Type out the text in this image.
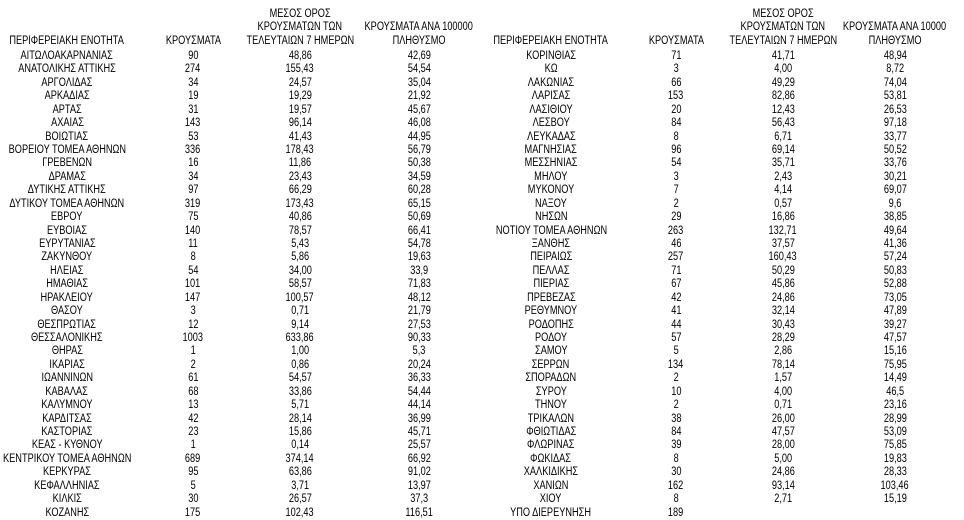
ΠΕΡΙΦΕΡΕΙΑΚΗ ΕΝΟΤΗΤΑ	ΚΡΟΥΣΜΑΤΑ
ΜΕΣΟΣ ΟΡΟΣ
ΚΡΟΥΣΜΑΤΩΝ ΤΩΝ
ΤΕΛΕΥΤΑΙΩΝ 7 ΗΜΕΡΩΝ
ΚΡΟΥΣΜΑΤΑ ΑΝΑ 100000
ΠΛΗΘΥΣΜΟ
ΑΙΤΩΛΟΑΚΑΡΝΑΝΙΑΣ	90	48,86	42,69
ΑΝΑΤΟΛΙΚΗΣ ΑΤΤΙΚΗΣ	274	155,43	54,54
ΑΡΓΟΛΙΔΑΣ	34	24,57	35,04
ΑΡΚΑΔΙΑΣ	19	19,29	21,92
ΑΡΤΑΣ	31	19,57	45,67
ΑΧΑΪΑΣ	143	96,14	46,08
ΒΟΙΩΤΙΑΣ	53	41,43	44,95
ΒΟΡΕΙΟΥ ΤΟΜΕΑ ΑΘΗΝΩΝ	336	178,43	56,79
ΓΡΕΒΕΝΩΝ	16	11,86	50,38
ΔΡΑΜΑΣ	34	23,43	34,59
ΔΥΤΙΚΗΣ ΑΤΤΙΚΗΣ	97	66,29	60,28
ΔΥΤΙΚΟΥ ΤΟΜΕΑ ΑΘΗΝΩΝ	319	173,43	65,15
ΕΒΡΟΥ	75	40,86	50,69
ΕΥΒΟΙΑΣ	140	78,57	66,41
ΕΥΡΥΤΑΝΙΑΣ	11	5,43	54,78
ΖΑΚΥΝΘΟΥ	8	5,86	19,63
ΗΛΕΙΑΣ	54	34,00	33,9
ΗΜΑΘΙΑΣ	101	58,57	71,83
ΗΡΑΚΛΕΙΟΥ	147	100,57	48,12
ΘΑΣΟΥ	3	0,71	21,79
ΘΕΣΠΡΩΤΙΑΣ	12	9,14	27,53
ΘΕΣΣΑΛΟΝΙΚΗΣ	1003	633,86	90,33
ΘΗΡΑΣ	1	1,00	5,3
ΙΚΑΡΙΑΣ	2	0,86	20,24
ΙΩΑΝΝΙΝΩΝ	61	54,57	36,33
ΚΑΒΑΛΑΣ	68	33,86	54,44
ΚΑΛΥΜΝΟΥ	13	5,71	44,14
ΚΑΡΔΙΤΣΑΣ	42	28,14	36,99
ΚΑΣΤΟΡΙΑΣ	23	15,86	45,71
ΚΕΑΣ - ΚΥΘΝΟΥ	1	0,14	25,57
ΚΕΝΤΡΙΚΟΥ ΤΟΜΕΑ ΑΘΗΝΩΝ	689	374,14	66,92
ΚΕΡΚΥΡΑΣ	95	63,86	91,02
ΚΕΦΑΛΛΗΝΙΑΣ	5	3,71	13,97
ΚΙΛΚΙΣ	30	26,57	37,3
ΚΟΖΑΝΗΣ	175	102,43	116,51
ΠΕΡΙΦΕΡΕΙΑΚΗ ΕΝΟΤΗΤΑ	ΚΡΟΥΣΜΑΤΑ
ΜΕΣΟΣ ΟΡΟΣ
ΚΡΟΥΣΜΑΤΩΝ ΤΩΝ
ΤΕΛΕΥΤΑΙΩΝ 7 ΗΜΕΡΩΝ
ΚΡΟΥΣΜΑΤΑ ΑΝΑ 10000
ΠΛΗΘΥΣΜΟ
ΚΟΡΙΝΘΙΑΣ	71	41,71	48,94
ΚΩ	3	4,00	8,72
ΛΑΚΩΝΙΑΣ	66	49,29	74,04
ΛΑΡΙΣΑΣ	153	82,86	53,81
ΛΑΣΙΘΙΟΥ	20	12,43	26,53
ΛΕΣΒΟΥ	84	56,43	97,18
ΛΕΥΚΑΔΑΣ	8	6,71	33,77
ΜΑΓΝΗΣΙΑΣ	96	69,14	50,52
ΜΕΣΣΗΝΙΑΣ	54	35,71	33,76
ΜΗΛΟΥ	3	2,43	30,21
ΜΥΚΟΝΟΥ	7	4,14	69,07
ΝΑΞΟΥ	2	0,57	9,6
ΝΗΣΩΝ	29	16,86	38,85
ΝΟΤΙΟΥ ΤΟΜΕΑ ΑΘΗΝΩΝ	263	132,71	49,64
ΞΑΝΘΗΣ	46	37,57	41,36
ΠΕΙΡΑΙΩΣ	257	160,43	57,24
ΠΕΛΛΑΣ	71	50,29	50,83
ΠΙΕΡΙΑΣ	67	45,86	52,88
ΠΡΕΒΕΖΑΣ	42	24,86	73,05
ΡΕΘΥΜΝΟΥ	41	32,14	47,89
ΡΟΔΟΠΗΣ	44	30,43	39,27
ΡΟΔΟΥ	57	28,29	47,57
ΣΑΜΟΥ	5	2,86	15,16
ΣΕΡΡΩΝ	134	78,14	75,95
ΣΠΟΡΑΔΩΝ	2	1,57	14,49
ΣΥΡΟΥ	10	4,00	46,5
ΤΗΝΟΥ	2	0,71	23,16
ΤΡΙΚΑΛΩΝ	38	26,00	28,99
ΦΘΙΩΤΙΔΑΣ	84	47,57	53,09
ΦΛΩΡΙΝΑΣ	39	28,00	75,85
ΦΩΚΙΔΑΣ	8	5,00	19,83
ΧΑΛΚΙΔΙΚΗΣ	30	24,86	28,33
ΧΑΝΙΩΝ	162	93,14	103,46
ΧΙΟΥ	8	2,71	15,19
ΥΠΟ ΔΙΕΡΕΥΝΗΣΗ	189
